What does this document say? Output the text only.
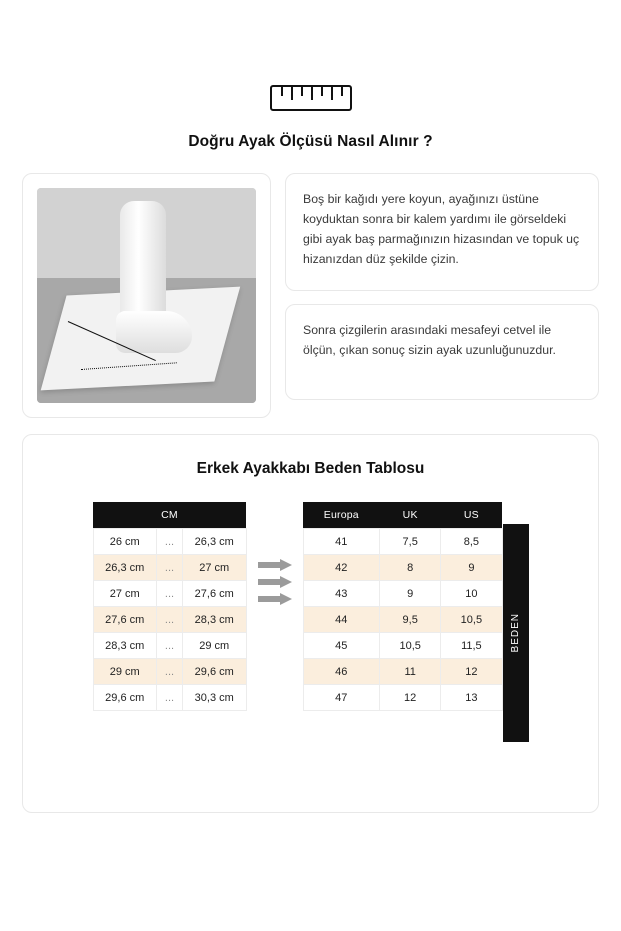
Doğru Ayak Ölçüsü Nasıl Alınır ?
Boş bir kağıdı yere koyun, ayağınızı üstüne koyduktan sonra bir kalem yardımı ile görseldeki gibi ayak baş parmağınızın hizasından ve topuk uç hizanızdan düz şekilde çizin.
Sonra çizgilerin arasındaki mesafeyi cetvel ile ölçün, çıkan sonuç sizin ayak uzunluğunuzdur.
Erkek Ayakkabı Beden Tablosu
CM		
26 cm	...	26,3 cm
26,3 cm	...	27 cm
27 cm	...	27,6 cm
27,6 cm	...	28,3 cm
28,3 cm	...	29 cm
29 cm	...	29,6 cm
29,6 cm	...	30,3 cm
Europa	UK	US
41	7,5	8,5
42	8	9
43	9	10
44	9,5	10,5
45	10,5	11,5
46	11	12
47	12	13
BEDEN
